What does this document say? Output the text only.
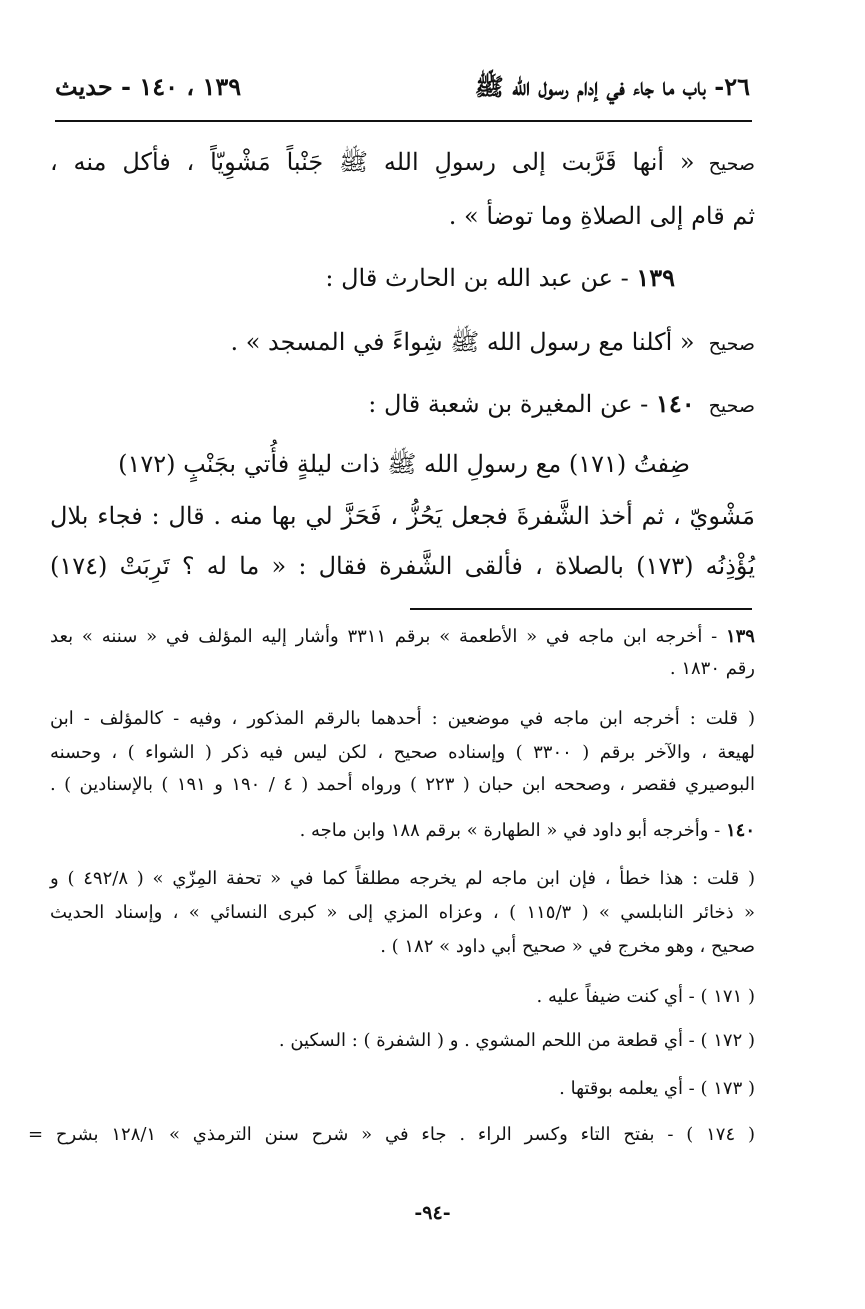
٢٦- باب ما جاء في إدام رسول الله ﷺ
١٣٩ ، ١٤٠ - حديث
صحيح« أنها قَرَّبت إلى رسولِ الله ﷺ جَنْباً مَشْوِيّاً ، فأكل منه ،
ثم قام إلى الصلاةِ وما توضأ » .
١٣٩ - عن عبد الله بن الحارث قال :
صحيح« أكلنا مع رسول الله ﷺ شِواءً في المسجد » .
صحيح١٤٠ - عن المغيرة بن شعبة قال :
ضِفتُ (١٧١) مع رسولِ الله ﷺ ذات ليلةٍ فأُتي بجَنْبٍ (١٧٢)
مَشْويّ ، ثم أخذ الشَّفرةَ فجعل يَحُزُّ ، فَحَزَّ لي بها منه . قال : فجاء بلال
يُؤْذِنُه (١٧٣) بالصلاة ، فألقى الشَّفرة فقال : « ما له ؟ تَرِبَتْ (١٧٤)
١٣٩ - أخرجه ابن ماجه في « الأطعمة » برقم ٣٣١١ وأشار إليه المؤلف في « سننه » بعد
رقم ١٨٣٠ .
( قلت : أخرجه ابن ماجه في موضعين : أحدهما بالرقم المذكور ، وفيه - كالمؤلف - ابن
لهيعة ، والآخر برقم ( ٣٣٠٠ ) وإسناده صحيح ، لكن ليس فيه ذكر ( الشواء ) ، وحسنه
البوصيري فقصر ، وصححه ابن حبان ( ٢٢٣ ) ورواه أحمد ( ٤ / ١٩٠ و ١٩١ ) بالإسنادين ) .
١٤٠ - وأخرجه أبو داود في « الطهارة » برقم ١٨٨ وابن ماجه .
( قلت : هذا خطأ ، فإن ابن ماجه لم يخرجه مطلقاً كما في « تحفة المِزّي » ( ٤٩٢/٨ ) و
« ذخائر النابلسي » ( ١١٥/٣ ) ، وعزاه المزي إلى « كبرى النسائي » ، وإسناد الحديث
صحيح ، وهو مخرج في « صحيح أبي داود » ١٨٢ ) .
( ١٧١ ) - أي كنت ضيفاً عليه .
( ١٧٢ ) - أي قطعة من اللحم المشوي . و ( الشفرة ) : السكين .
( ١٧٣ ) - أي يعلمه بوقتها .
( ١٧٤ ) - بفتح التاء وكسر الراء . جاء في « شرح سنن الترمذي » ١٢٨/١ بشرح =
-٩٤-
